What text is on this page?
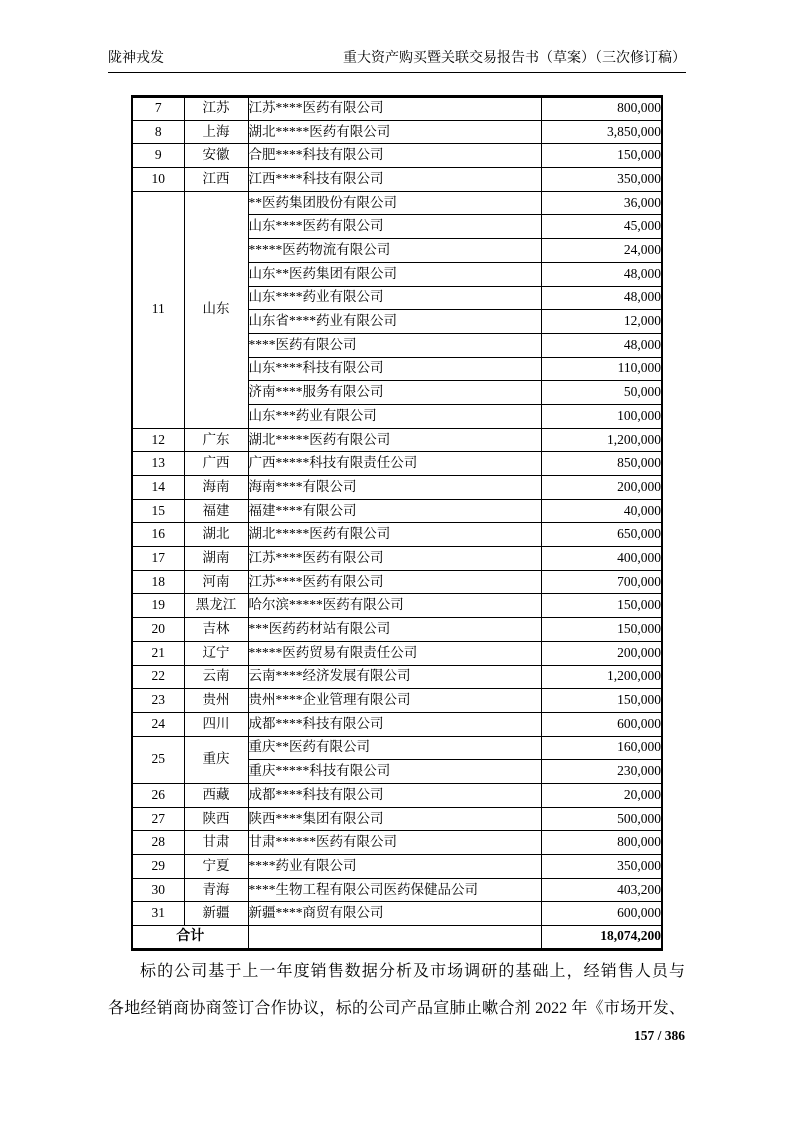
陇神戎发	重大资产购买暨关联交易报告书（草案）（三次修订稿）
7	江苏	江苏****医药有限公司	800,000
8	上海	湖北*****医药有限公司	3,850,000
9	安徽	合肥****科技有限公司	150,000
10	江西	江西****科技有限公司	350,000
11	山东	**医药集团股份有限公司	36,000
		山东****医药有限公司	45,000
		*****医药物流有限公司	24,000
		山东**医药集团有限公司	48,000
		山东****药业有限公司	48,000
		山东省****药业有限公司	12,000
		****医药有限公司	48,000
		山东****科技有限公司	110,000
		济南****服务有限公司	50,000
		山东***药业有限公司	100,000
12	广东	湖北*****医药有限公司	1,200,000
13	广西	广西*****科技有限责任公司	850,000
14	海南	海南****有限公司	200,000
15	福建	福建****有限公司	40,000
16	湖北	湖北*****医药有限公司	650,000
17	湖南	江苏****医药有限公司	400,000
18	河南	江苏****医药有限公司	700,000
19	黑龙江	哈尔滨*****医药有限公司	150,000
20	吉林	***医药药材站有限公司	150,000
21	辽宁	*****医药贸易有限责任公司	200,000
22	云南	云南****经济发展有限公司	1,200,000
23	贵州	贵州****企业管理有限公司	150,000
24	四川	成都****科技有限公司	600,000
25	重庆	重庆**医药有限公司	160,000
		重庆*****科技有限公司	230,000
26	西藏	成都****科技有限公司	20,000
27	陕西	陕西****集团有限公司	500,000
28	甘肃	甘肃******医药有限公司	800,000
29	宁夏	****药业有限公司	350,000
30	青海	****生物工程有限公司医药保健品公司	403,200
31	新疆	新疆****商贸有限公司	600,000
合计			18,074,200
标的公司基于上一年度销售数据分析及市场调研的基础上，经销售人员与
各地经销商协商签订合作协议，标的公司产品宣肺止嗽合剂 2022 年《市场开发、
157 / 386
